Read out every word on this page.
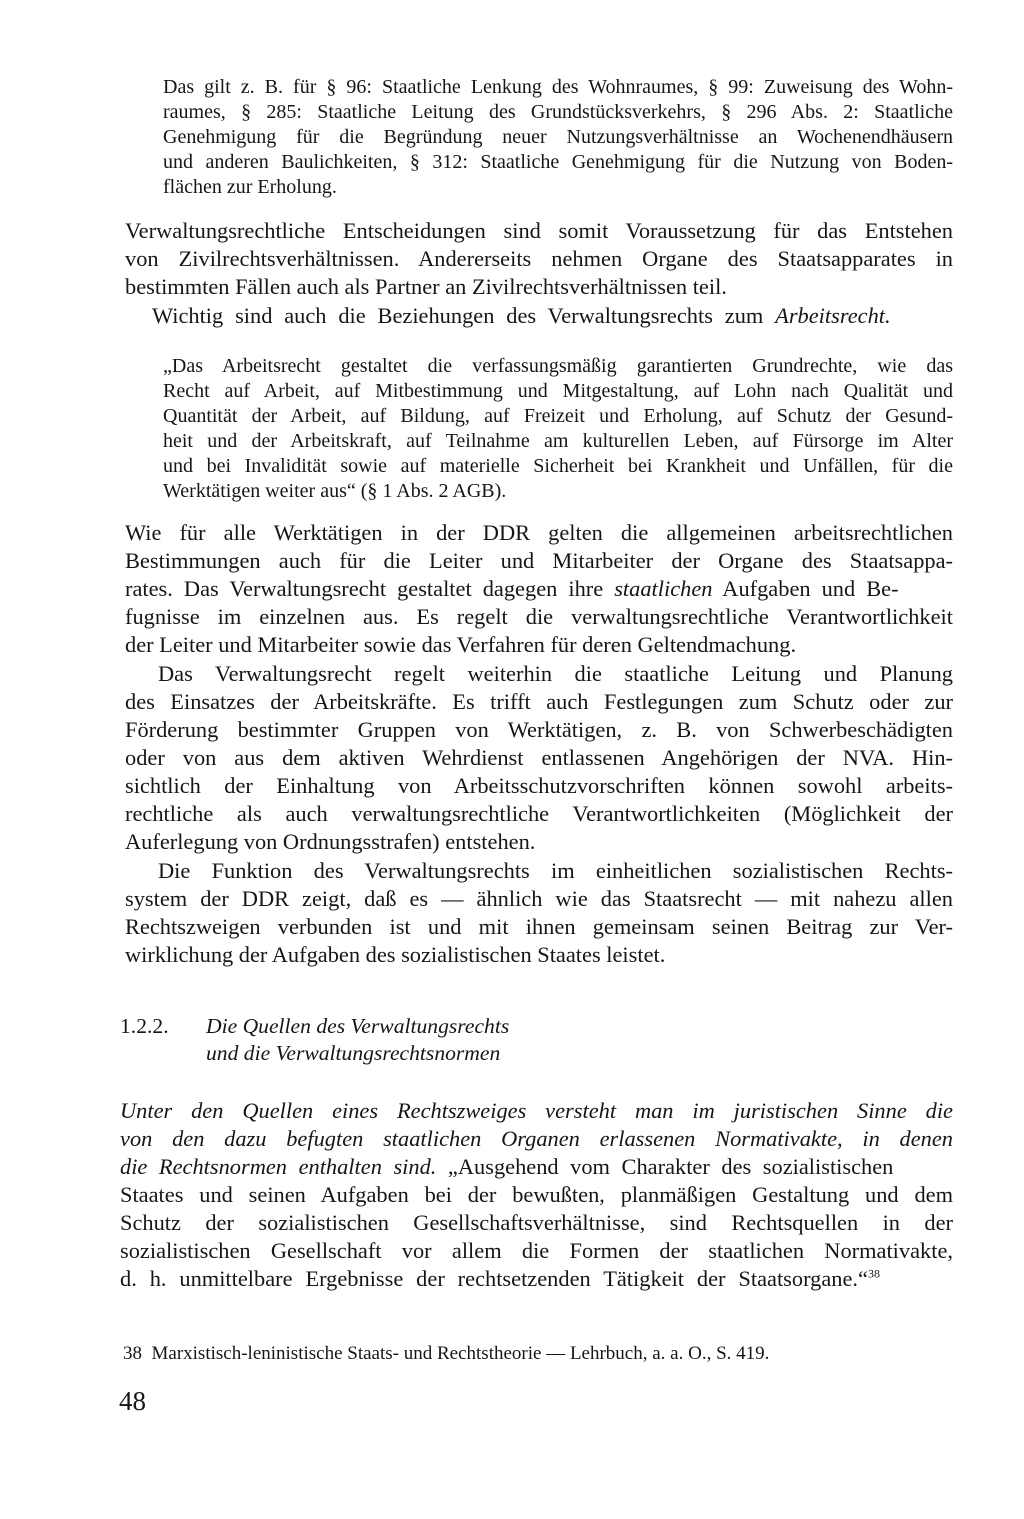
Das gilt z. B. für § 96: Staatliche Lenkung des Wohnraumes, § 99: Zuweisung des Wohn-
raumes, § 285: Staatliche Leitung des Grundstücksverkehrs, § 296 Abs. 2: Staatliche
Genehmigung für die Begründung neuer Nutzungsverhältnisse an Wochenendhäusern
und anderen Baulichkeiten, § 312: Staatliche Genehmigung für die Nutzung von Boden-
flächen zur Erholung.
Verwaltungsrechtliche Entscheidungen sind somit Voraussetzung für das Entstehen
von Zivilrechtsverhältnissen. Andererseits nehmen Organe des Staatsapparates in
bestimmten Fällen auch als Partner an Zivilrechtsverhältnissen teil.
Wichtig sind auch die Beziehungen des Verwaltungsrechts zum Arbeitsrecht.
„Das Arbeitsrecht gestaltet die verfassungsmäßig garantierten Grundrechte, wie das
Recht auf Arbeit, auf Mitbestimmung und Mitgestaltung, auf Lohn nach Qualität und
Quantität der Arbeit, auf Bildung, auf Freizeit und Erholung, auf Schutz der Gesund-
heit und der Arbeitskraft, auf Teilnahme am kulturellen Leben, auf Fürsorge im Alter
und bei Invalidität sowie auf materielle Sicherheit bei Krankheit und Unfällen, für die
Werktätigen weiter aus“ (§ 1 Abs. 2 AGB).
Wie für alle Werktätigen in der DDR gelten die allgemeinen arbeitsrechtlichen
Bestimmungen auch für die Leiter und Mitarbeiter der Organe des Staatsappa-
rates. Das Verwaltungsrecht gestaltet dagegen ihre staatlichen Aufgaben und Be-
fugnisse im einzelnen aus. Es regelt die verwaltungsrechtliche Verantwortlichkeit
der Leiter und Mitarbeiter sowie das Verfahren für deren Geltendmachung.
Das Verwaltungsrecht regelt weiterhin die staatliche Leitung und Planung
des Einsatzes der Arbeitskräfte. Es trifft auch Festlegungen zum Schutz oder zur
Förderung bestimmter Gruppen von Werktätigen, z. B. von Schwerbeschädigten
oder von aus dem aktiven Wehrdienst entlassenen Angehörigen der NVA. Hin-
sichtlich der Einhaltung von Arbeitsschutzvorschriften können sowohl arbeits-
rechtliche als auch verwaltungsrechtliche Verantwortlichkeiten (Möglichkeit der
Auferlegung von Ordnungsstrafen) entstehen.
Die Funktion des Verwaltungsrechts im einheitlichen sozialistischen Rechts-
system der DDR zeigt, daß es — ähnlich wie das Staatsrecht — mit nahezu allen
Rechtszweigen verbunden ist und mit ihnen gemeinsam seinen Beitrag zur Ver-
wirklichung der Aufgaben des sozialistischen Staates leistet.
1.2.2. Die Quellen des Verwaltungsrechts
und die Verwaltungsrechtsnormen
Unter den Quellen eines Rechtszweiges versteht man im juristischen Sinne die
von den dazu befugten staatlichen Organen erlassenen Normativakte, in denen
die Rechtsnormen enthalten sind. „Ausgehend vom Charakter des sozialistischen
Staates und seinen Aufgaben bei der bewußten, planmäßigen Gestaltung und dem
Schutz der sozialistischen Gesellschaftsverhältnisse, sind Rechtsquellen in der
sozialistischen Gesellschaft vor allem die Formen der staatlichen Normativakte,
d. h. unmittelbare Ergebnisse der rechtsetzenden Tätigkeit der Staatsorgane.“$^{38}$
38 Marxistisch-leninistische Staats- und Rechtstheorie — Lehrbuch, a. a. O., S. 419.
48
